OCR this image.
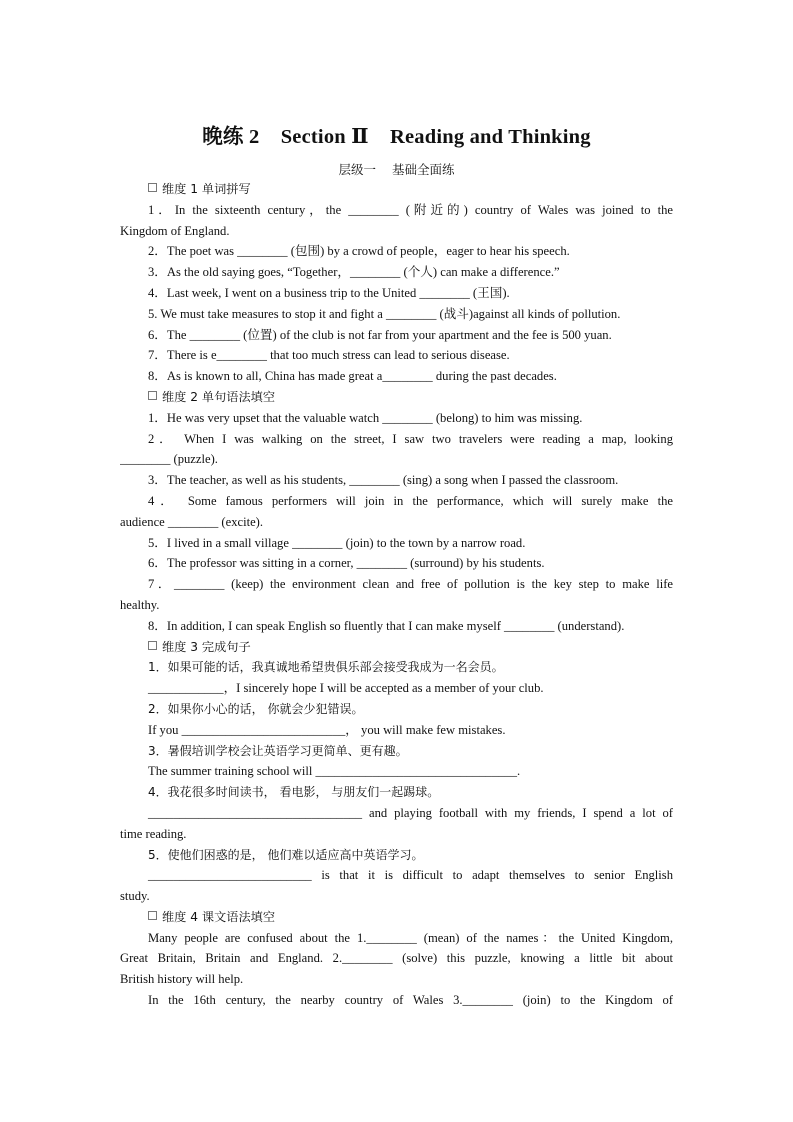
晚练 2    Section Ⅱ    Reading and Thinking
层级一    基础全面练
维度 1 单词拼写
1．In the sixteenth century，the ________ (附近的) country of Wales was joined to the
Kingdom of England.
2．The poet was ________ (包围) by a crowd of people，eager to hear his speech.
3．As the old saying goes, “Together，________ (个人) can make a difference.”
4．Last week, I went on a business trip to the United ________ (王国).
5. We must take measures to stop it and fight a ________ (战斗)against all kinds of pollution.
6．The ________ (位置) of the club is not far from your apartment and the fee is 500 yuan.
7．There is e________ that too much stress can lead to serious disease.
8．As is known to all, China has made great a________ during the past decades.
维度 2 单句语法填空
1．He was very upset that the valuable watch ________ (belong) to him was missing.
2． When I was walking on the street, I saw two travelers were reading a map, looking
________ (puzzle).
3．The teacher, as well as his students, ________ (sing) a song when I passed the classroom.
4． Some famous performers will join in the performance, which will surely make the
audience ________ (excite).
5．I lived in a small village ________ (join) to the town by a narrow road.
6．The professor was sitting in a corner, ________ (surround) by his students.
7．________ (keep) the environment clean and free of pollution is the key step to make life
healthy.
8．In addition, I can speak English so fluently that I can make myself ________ (understand).
维度 3 完成句子
1．如果可能的话，我真诚地希望贵俱乐部会接受我成为一名会员。
____________，I sincerely hope I will be accepted as a member of your club.
2．如果你小心的话， 你就会少犯错误。
If you __________________________， you will make few mistakes.
3．暑假培训学校会让英语学习更简单、更有趣。
The summer training school will ________________________________.
4．我花很多时间读书， 看电影， 与朋友们一起踢球。
__________________________________ and playing football with my friends, I spend a lot of
time reading.
5．使他们困惑的是， 他们难以适应高中英语学习。
__________________________ is that it is difficult to adapt themselves to senior English
study.
维度 4 课文语法填空
Many people are confused about the 1.________ (mean) of the names：the United Kingdom,
Great Britain, Britain and England. 2.________ (solve) this puzzle, knowing a little bit about
British history will help.
In the 16th century, the nearby country of Wales 3.________ (join) to the Kingdom of
